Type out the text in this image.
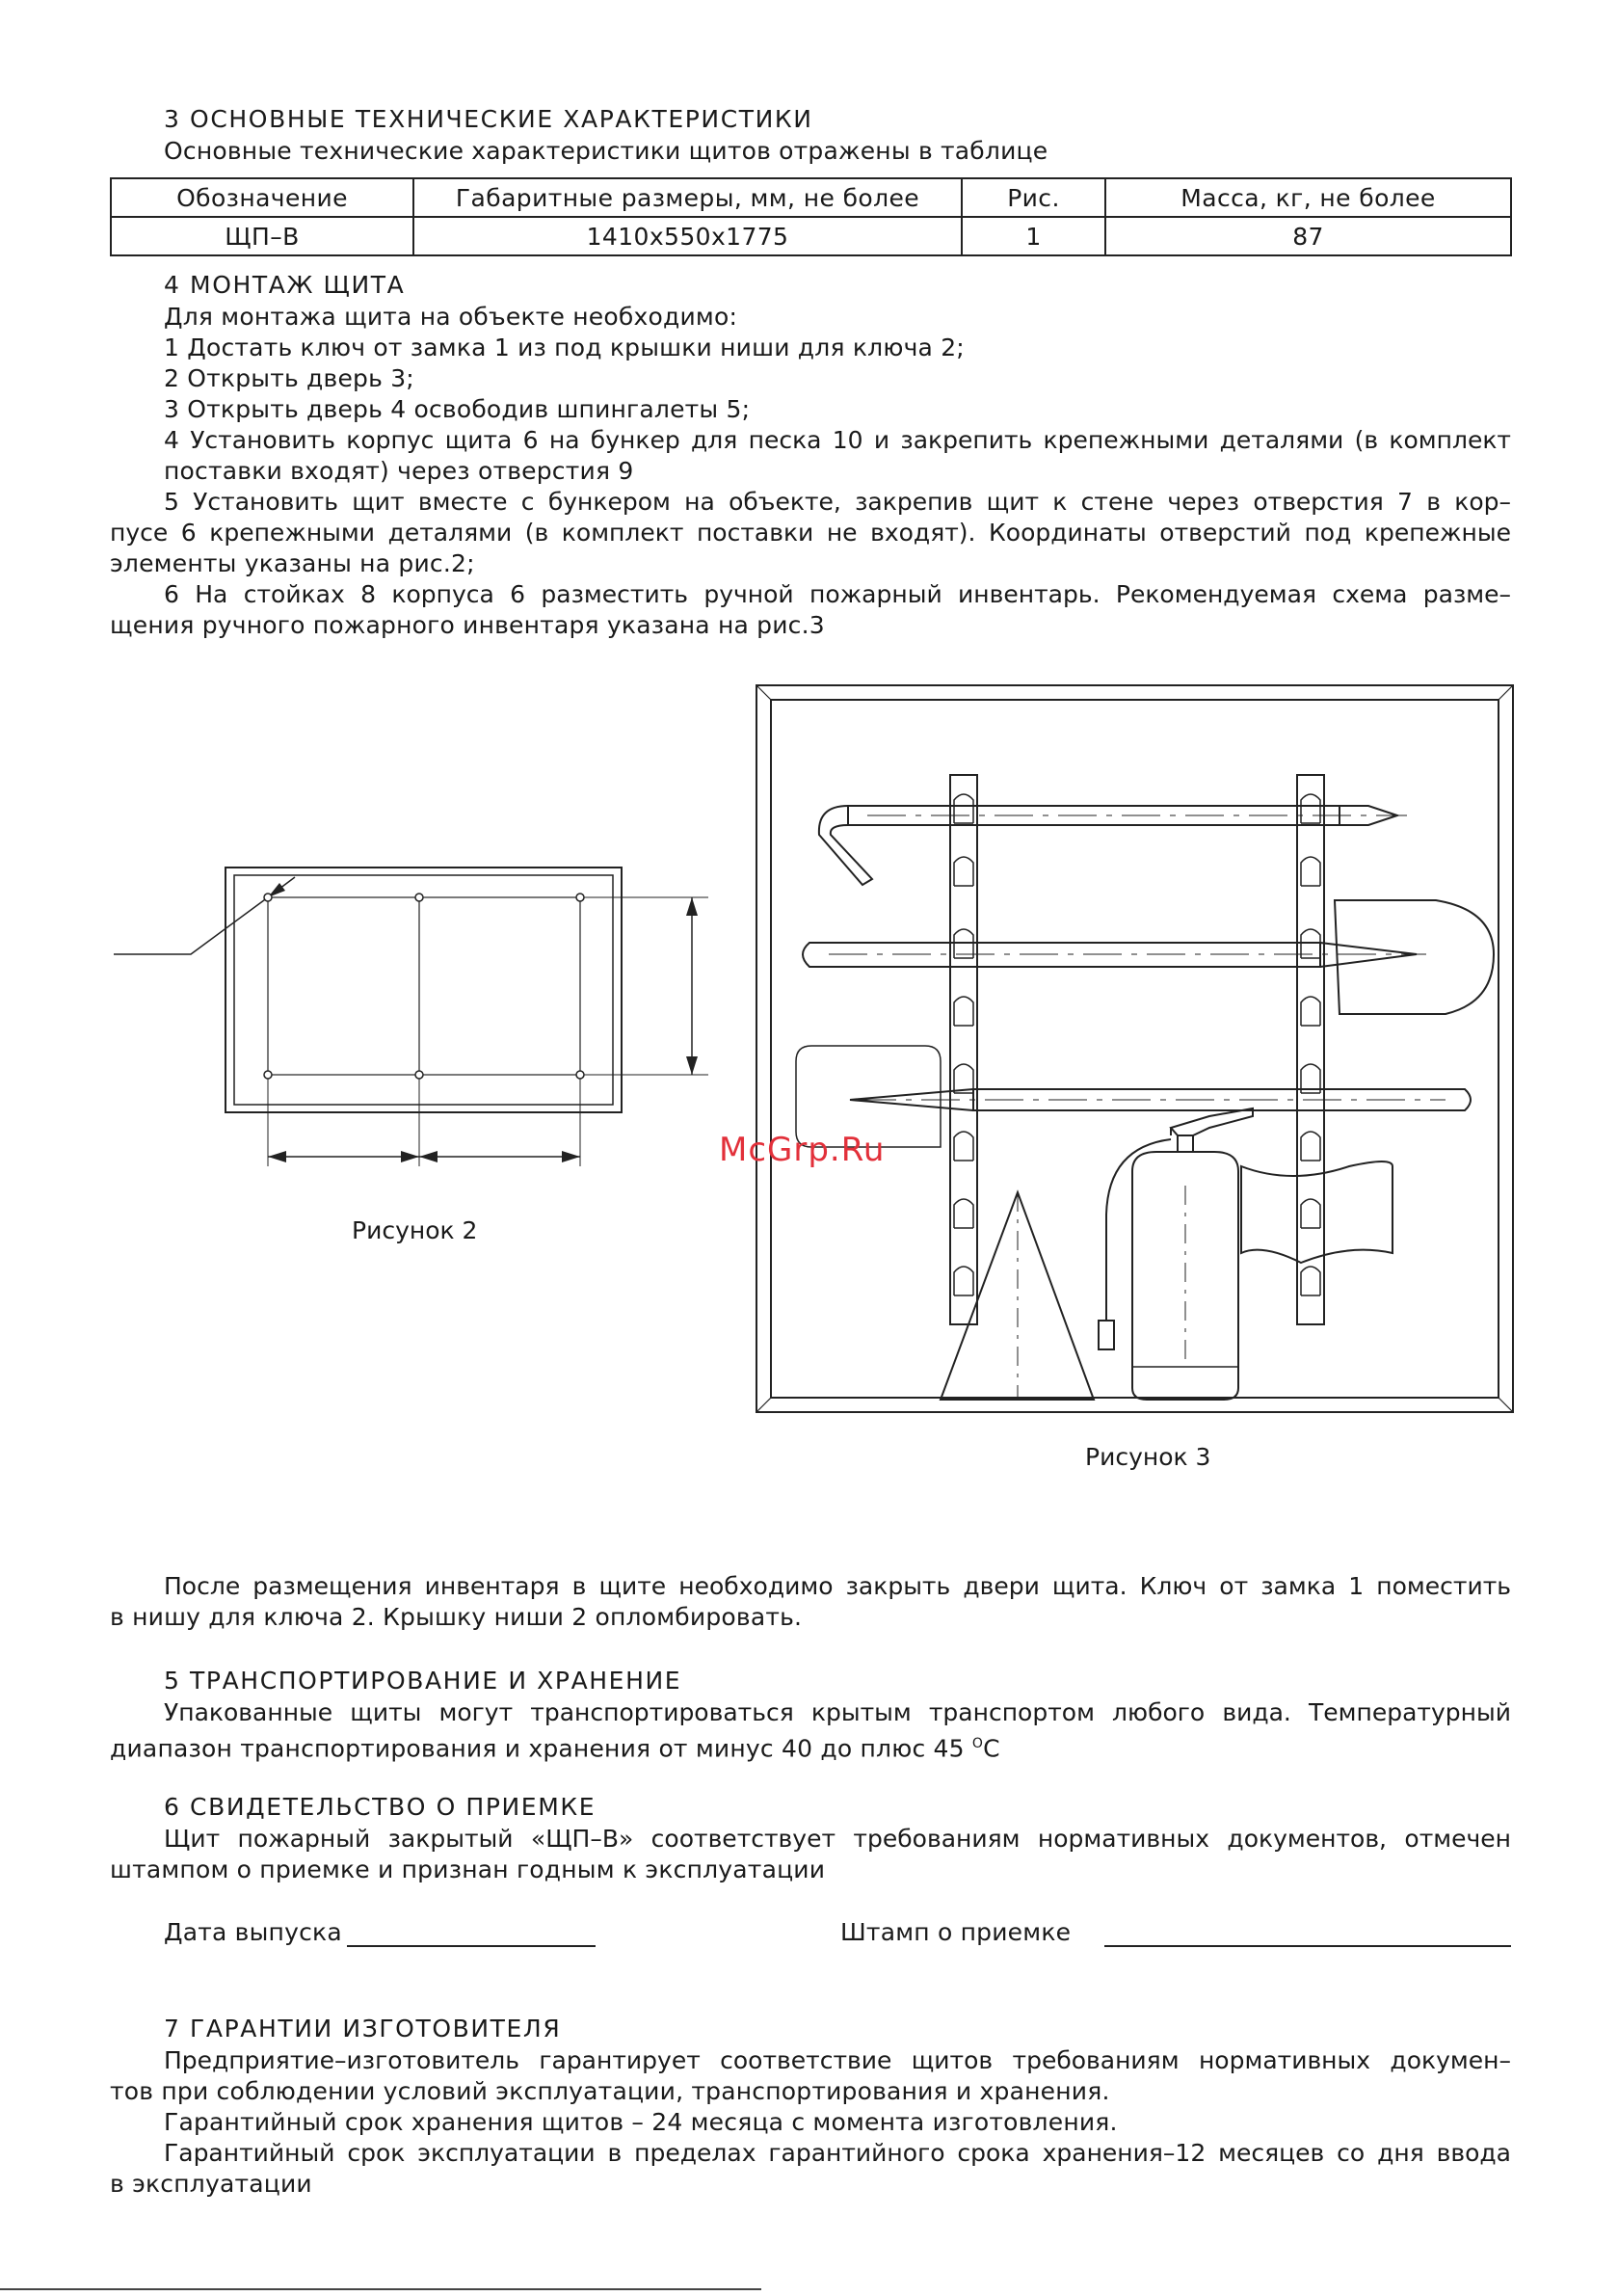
3 ОСНОВНЫЕ ТЕХНИЧЕСКИЕ ХАРАКТЕРИСТИКИ
Основные технические характеристики щитов отражены в таблице
Обозначение	Габаритные размеры, мм, не более	Рис.	Масса, кг, не более
ЩП–В	1410х550х1775	1	87
4 МОНТАЖ ЩИТА
Для монтажа щита на объекте необходимо:
1 Достать ключ от замка 1 из под крышки ниши для ключа 2;
2 Открыть дверь 3;
3 Открыть дверь 4 освободив шпингалеты 5;
4 Установить корпус щита 6 на бункер для песка 10 и закрепить крепежными деталями (в комплект
поставки входят) через отверстия 9
5 Установить щит вместе с бункером на объекте, закрепив щит к стене через отверстия 7 в кор–
пусе 6 крепежными деталями (в комплект поставки не входят). Координаты отверстий под крепежные
элементы указаны на рис.2;
6 На стойках 8 корпуса 6 разместить ручной пожарный инвентарь. Рекомендуемая схема разме–
щения ручного пожарного инвентаря указана на рис.3
Рисунок 2
McGrp.Ru
Рисунок 3
После размещения инвентаря в щите необходимо закрыть двери щита. Ключ от замка 1 поместить
в нишу для ключа 2. Крышку ниши 2 опломбировать.
5 ТРАНСПОРТИРОВАНИЕ И ХРАНЕНИЕ
Упакованные щиты могут транспортироваться крытым транспортом любого вида. Температурный
диапазон транспортирования и хранения от минус 40 до плюс 45 $^О$С
6 СВИДЕТЕЛЬСТВО О ПРИЕМКЕ
Щит пожарный закрытый «ЩП–В» соответствует требованиям нормативных документов, отмечен
штампом о приемке и признан годным к эксплуатации
Дата выпуска	Штамп о приемке
7 ГАРАНТИИ ИЗГОТОВИТЕЛЯ
Предприятие–изготовитель гарантирует соответствие щитов требованиям нормативных докумен–
тов при соблюдении условий эксплуатации, транспортирования и хранения.
Гарантийный срок хранения щитов – 24 месяца с момента изготовления.
Гарантийный срок эксплуатации в пределах гарантийного срока хранения–12 месяцев со дня ввода
в эксплуатации
